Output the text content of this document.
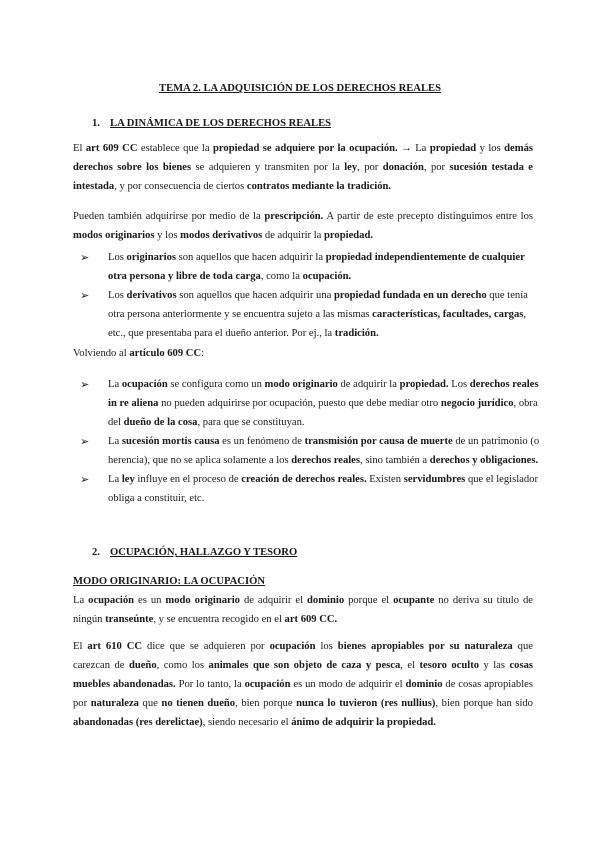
TEMA 2. LA ADQUISICIÓN DE LOS DERECHOS REALES
1. LA DINÁMICA DE LOS DERECHOS REALES

El art 609 CC establece que la propiedad se adquiere por la ocupación. → La propiedad y los demás derechos sobre los bienes se adquieren y transmiten por la ley, por donación, por sucesión testada e intestada, y por consecuencia de ciertos contratos mediante la tradición.

Pueden también adquirirse por medio de la prescripción. A partir de este precepto distinguimos entre los modos originarios y los modos derivativos de adquirir la propiedad.

➢ Los originarios son aquellos que hacen adquirir la propiedad independientemente de cualquier otra persona y libre de toda carga, como la ocupación.
➢ Los derivativos son aquellos que hacen adquirir una propiedad fundada en un derecho que tenía otra persona anteriormente y se encuentra sujeto a las mismas características, facultades, cargas, etc., que presentaba para el dueño anterior. Por ej., la tradición.

Volviendo al artículo 609 CC:

➢ La ocupación se configura como un modo originario de adquirir la propiedad. Los derechos reales in re aliena no pueden adquirirse por ocupación, puesto que debe mediar otro negocio jurídico, obra del dueño de la cosa, para que se constituyan.
➢ La sucesión mortis causa es un fenómeno de transmisión por causa de muerte de un patrimonio (o herencia), que no se aplica solamente a los derechos reales, sino también a derechos y obligaciones.
➢ La ley influye en el proceso de creación de derechos reales. Existen servidumbres que el legislador obliga a constituir, etc.
2. OCUPACIÓN, HALLAZGO Y TESORO
MODO ORIGINARIO: LA OCUPACIÓN

La ocupación es un modo originario de adquirir el dominio porque el ocupante no deriva su título de ningún transeúnte, y se encuentra recogido en el art 609 CC.

El art 610 CC dice que se adquieren por ocupación los bienes apropiables por su naturaleza que carezcan de dueño, como los animales que son objeto de caza y pesca, el tesoro oculto y las cosas muebles abandonadas. Por lo tanto, la ocupación es un modo de adquirir el dominio de cosas apropiables por naturaleza que no tienen dueño, bien porque nunca lo tuvieron (res nullius), bien porque han sido abandonadas (res derelictae), siendo necesario el ánimo de adquirir la propiedad.
